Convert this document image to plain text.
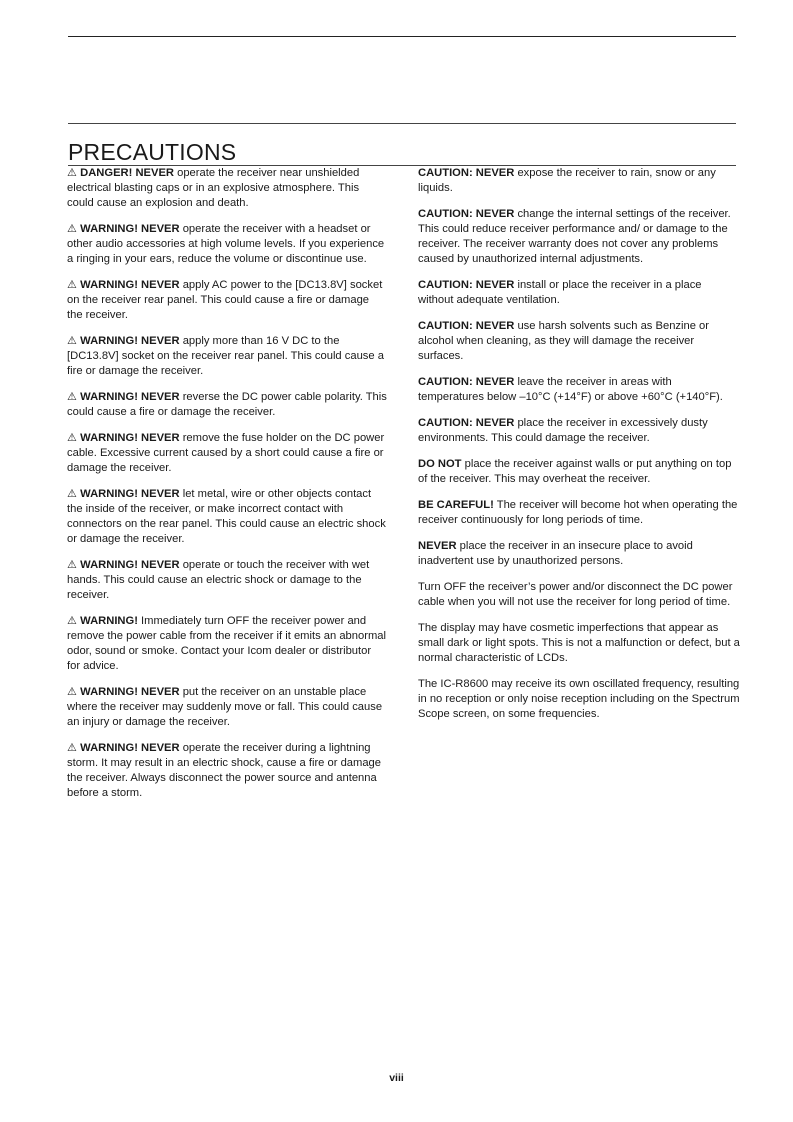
PRECAUTIONS

⚠ DANGER! NEVER operate the receiver near unshielded electrical blasting caps or in an explosive atmosphere. This could cause an explosion and death.

⚠ WARNING! NEVER operate the receiver with a headset or other audio accessories at high volume levels. If you experience a ringing in your ears, reduce the volume or discontinue use.

⚠ WARNING! NEVER apply AC power to the [DC13.8V] socket on the receiver rear panel. This could cause a fire or damage the receiver.

⚠ WARNING! NEVER apply more than 16 V DC to the [DC13.8V] socket on the receiver rear panel. This could cause a fire or damage the receiver.

⚠ WARNING! NEVER reverse the DC power cable polarity. This could cause a fire or damage the receiver.

⚠ WARNING! NEVER remove the fuse holder on the DC power cable. Excessive current caused by a short could cause a fire or damage the receiver.

⚠ WARNING! NEVER let metal, wire or other objects contact the inside of the receiver, or make incorrect contact with connectors on the rear panel. This could cause an electric shock or damage the receiver.

⚠ WARNING! NEVER operate or touch the receiver with wet hands. This could cause an electric shock or damage to the receiver.

⚠ WARNING! Immediately turn OFF the receiver power and remove the power cable from the receiver if it emits an abnormal odor, sound or smoke. Contact your Icom dealer or distributor for advice.

⚠ WARNING! NEVER put the receiver on an unstable place where the receiver may suddenly move or fall. This could cause an injury or damage the receiver.

⚠ WARNING! NEVER operate the receiver during a lightning storm. It may result in an electric shock, cause a fire or damage the receiver. Always disconnect the power source and antenna before a storm.

CAUTION: NEVER expose the receiver to rain, snow or any liquids.

CAUTION: NEVER change the internal settings of the receiver. This could reduce receiver performance and/ or damage to the receiver. The receiver warranty does not cover any problems caused by unauthorized internal adjustments.

CAUTION: NEVER install or place the receiver in a place without adequate ventilation.

CAUTION: NEVER use harsh solvents such as Benzine or alcohol when cleaning, as they will damage the receiver surfaces.

CAUTION: NEVER leave the receiver in areas with temperatures below –10°C (+14°F) or above +60°C (+140°F).

CAUTION: NEVER place the receiver in excessively dusty environments. This could damage the receiver.

DO NOT place the receiver against walls or put anything on top of the receiver. This may overheat the receiver.

BE CAREFUL! The receiver will become hot when operating the receiver continuously for long periods of time.

NEVER place the receiver in an insecure place to avoid inadvertent use by unauthorized persons.

Turn OFF the receiver’s power and/or disconnect the DC power cable when you will not use the receiver for long period of time.

The display may have cosmetic imperfections that appear as small dark or light spots. This is not a malfunction or defect, but a normal characteristic of LCDs.

The IC-R8600 may receive its own oscillated frequency, resulting in no reception or only noise reception including on the Spectrum Scope screen, on some frequencies.

viii
